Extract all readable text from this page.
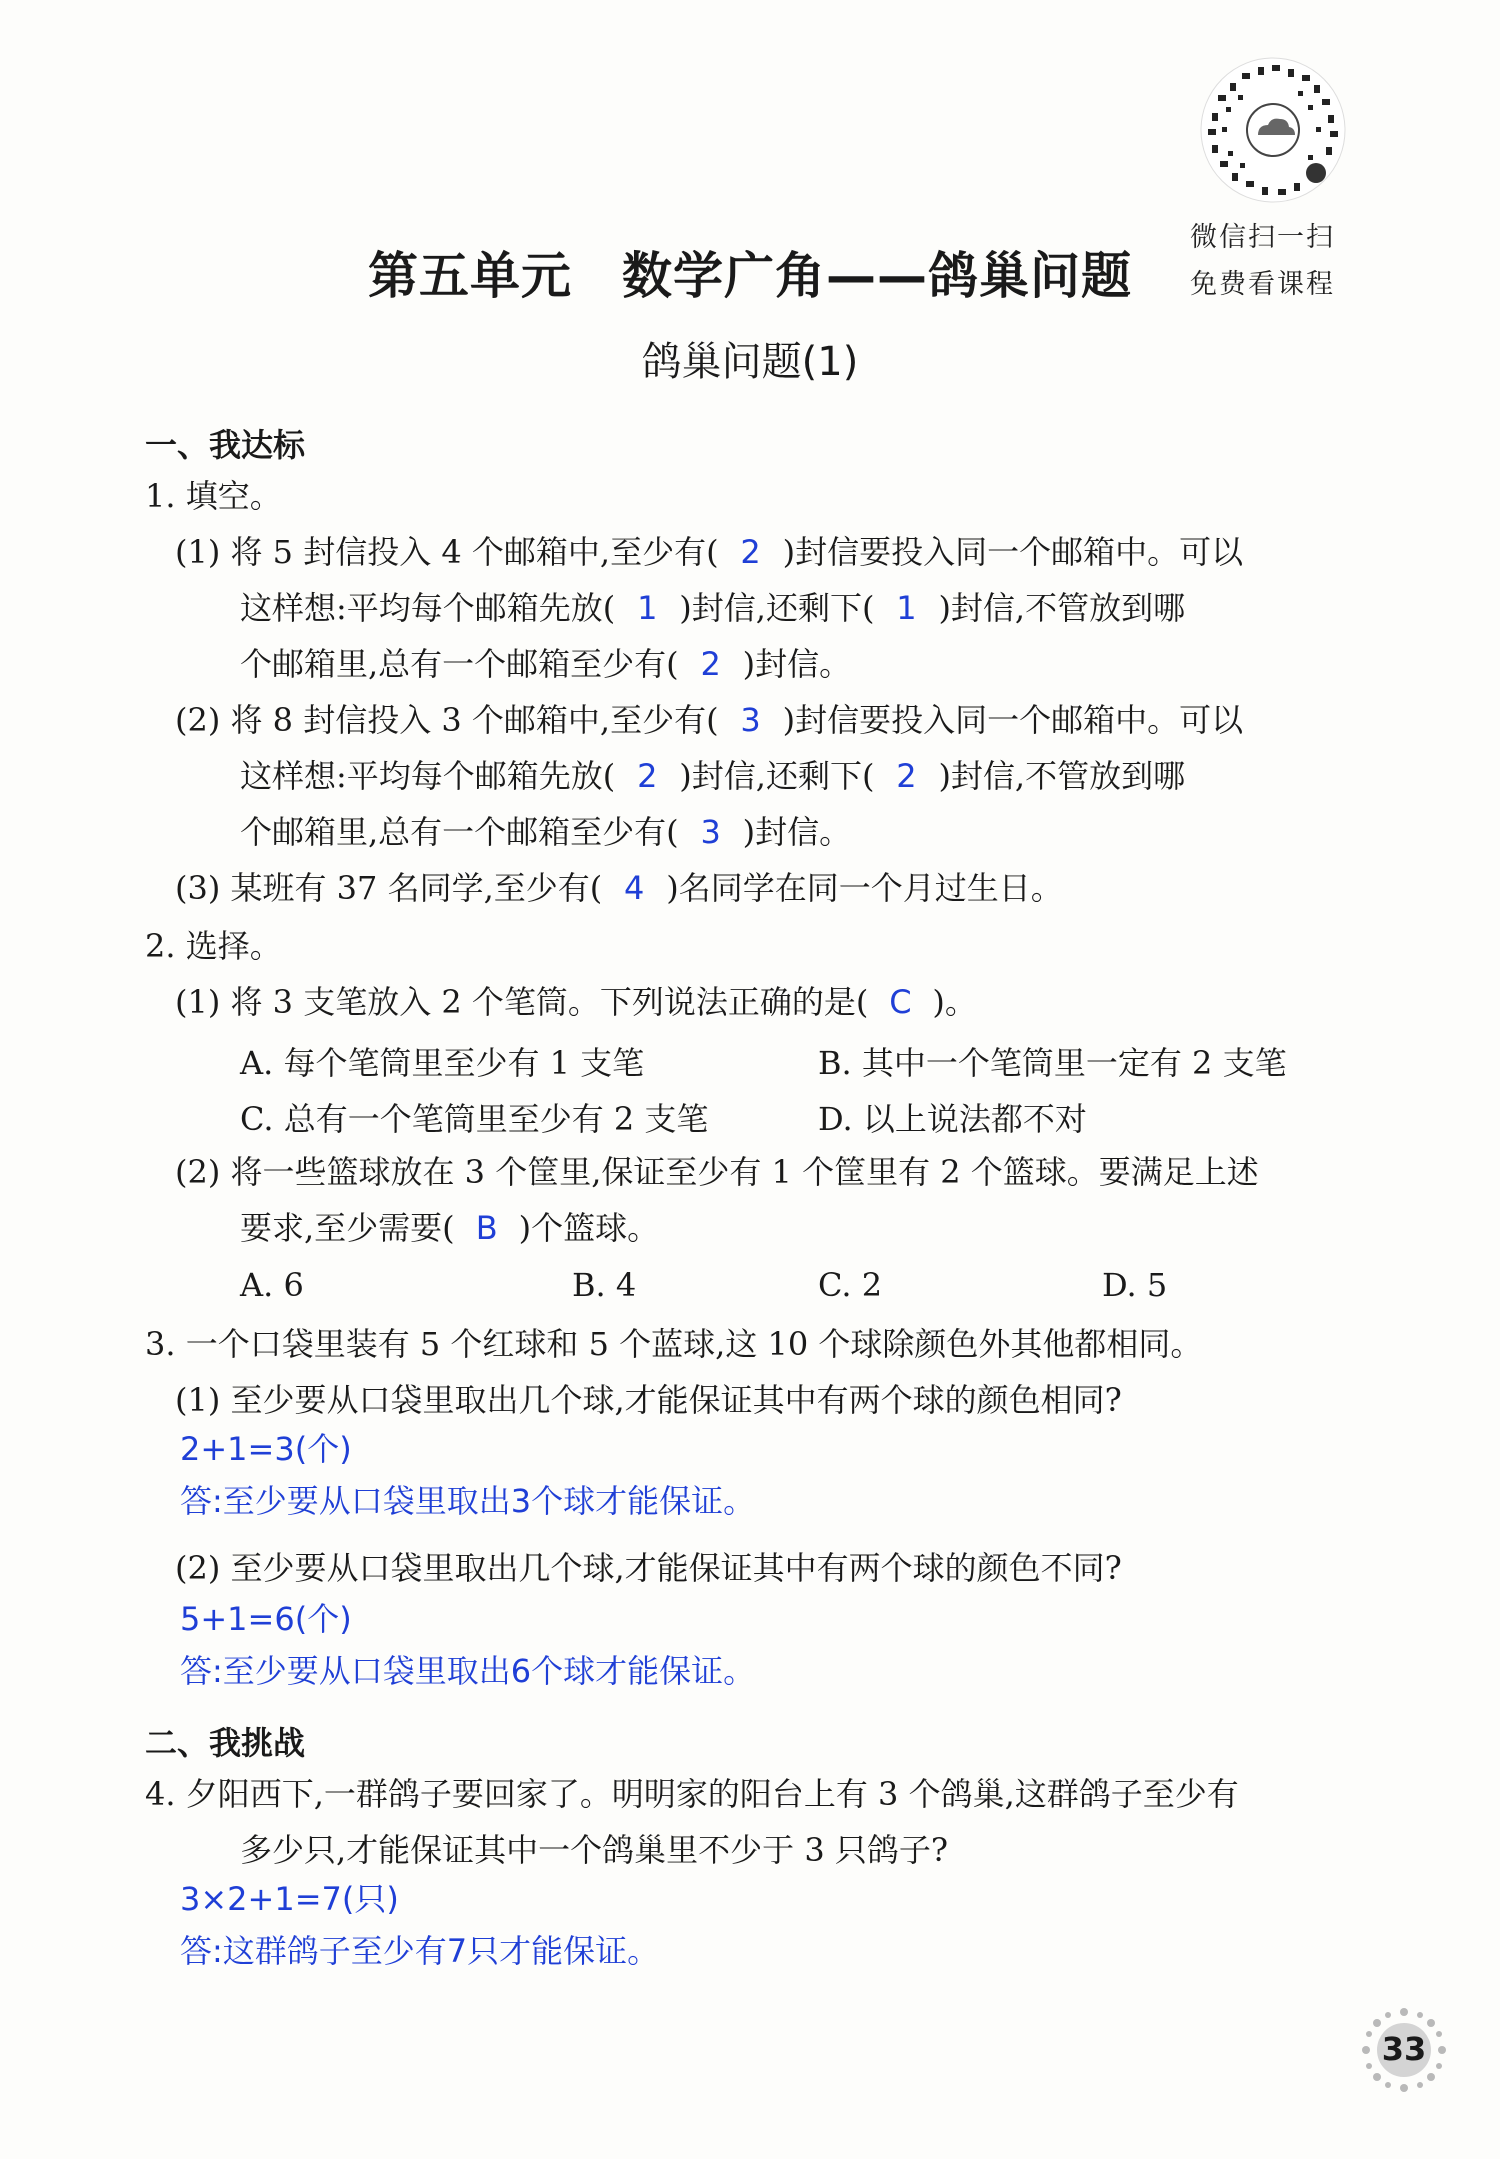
微信扫一扫
免费看课程
第五单元 数学广角——鸽巢问题
鸽巢问题(1)
一、我达标
1. 填空。
(1) 将 5 封信投入 4 个邮箱中,至少有( 2 )封信要投入同一个邮箱中。可以
这样想:平均每个邮箱先放( 1 )封信,还剩下( 1 )封信,不管放到哪
个邮箱里,总有一个邮箱至少有( 2 )封信。
(2) 将 8 封信投入 3 个邮箱中,至少有( 3 )封信要投入同一个邮箱中。可以
这样想:平均每个邮箱先放( 2 )封信,还剩下( 2 )封信,不管放到哪
个邮箱里,总有一个邮箱至少有( 3 )封信。
(3) 某班有 37 名同学,至少有( 4 )名同学在同一个月过生日。
2. 选择。
(1) 将 3 支笔放入 2 个笔筒。下列说法正确的是( C )。
A. 每个笔筒里至少有 1 支笔	B. 其中一个笔筒里一定有 2 支笔
C. 总有一个笔筒里至少有 2 支笔	D. 以上说法都不对
(2) 将一些篮球放在 3 个筐里,保证至少有 1 个筐里有 2 个篮球。要满足上述
要求,至少需要( B )个篮球。
A. 6	B. 4	C. 2	D. 5
3. 一个口袋里装有 5 个红球和 5 个蓝球,这 10 个球除颜色外其他都相同。
(1) 至少要从口袋里取出几个球,才能保证其中有两个球的颜色相同?
2+1=3(个)
答:至少要从口袋里取出3个球才能保证。
(2) 至少要从口袋里取出几个球,才能保证其中有两个球的颜色不同?
5+1=6(个)
答:至少要从口袋里取出6个球才能保证。
二、我挑战
4. 夕阳西下,一群鸽子要回家了。明明家的阳台上有 3 个鸽巢,这群鸽子至少有
多少只,才能保证其中一个鸽巢里不少于 3 只鸽子?
3×2+1=7(只)
答:这群鸽子至少有7只才能保证。
33
